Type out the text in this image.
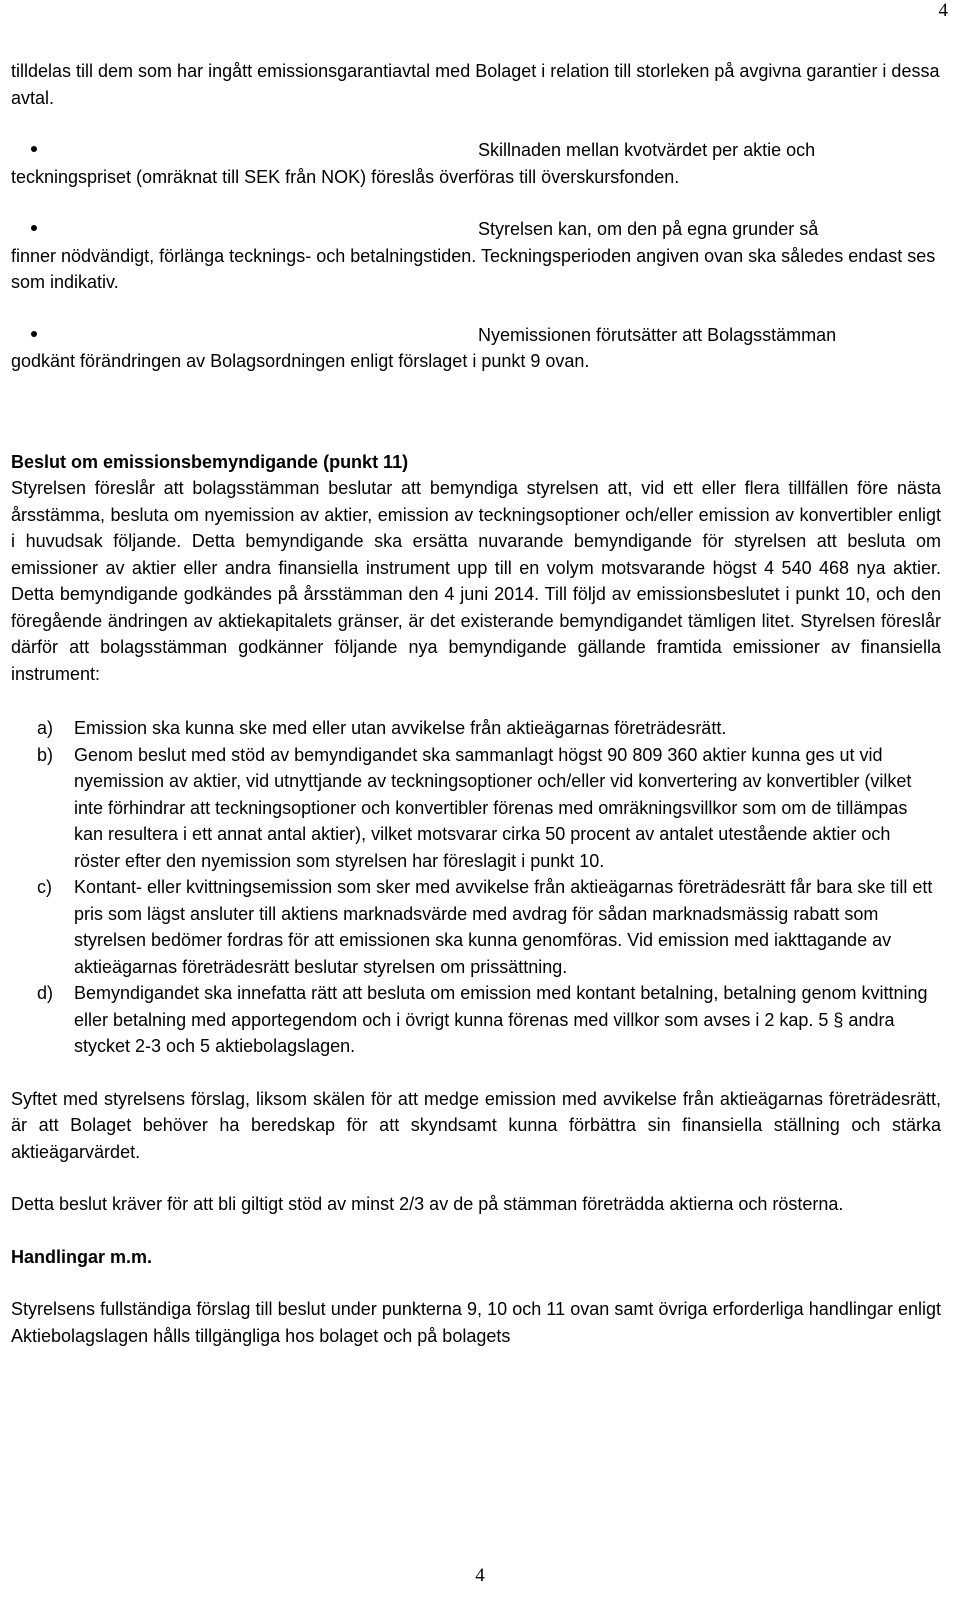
4

tilldelas till dem som har ingått emissionsgarantiavtal med Bolaget i relation till storleken på avgivna garantier i dessa avtal.

Skillnaden mellan kvotvärdet per aktie och

teckningspriset (omräknat till SEK från NOK) föreslås överföras till överskursfonden.

Styrelsen kan, om den på egna grunder så

finner nödvändigt, förlänga tecknings- och betalningstiden. Teckningsperioden angiven ovan ska således endast ses som indikativ.

Nyemissionen förutsätter att Bolagsstämman

godkänt förändringen av Bolagsordningen enligt förslaget i punkt 9 ovan.

Beslut om emissionsbemyndigande (punkt 11)

Styrelsen föreslår att bolagsstämman beslutar att bemyndiga styrelsen att, vid ett eller flera tillfällen före nästa årsstämma, besluta om nyemission av aktier, emission av teckningsoptioner och/eller emission av konvertibler enligt i huvudsak följande. Detta bemyndigande ska ersätta nuvarande bemyndigande för styrelsen att besluta om emissioner av aktier eller andra finansiella instrument upp till en volym motsvarande högst 4 540 468 nya aktier. Detta bemyndigande godkändes på årsstämman den 4 juni 2014. Till följd av emissionsbeslutet i punkt 10, och den föregående ändringen av aktiekapitalets gränser, är det existerande bemyndigandet tämligen litet. Styrelsen föreslår därför att bolagsstämman godkänner följande nya bemyndigande gällande framtida emissioner av finansiella instrument:

a) Emission ska kunna ske med eller utan avvikelse från aktieägarnas företrädesrätt.
b) Genom beslut med stöd av bemyndigandet ska sammanlagt högst 90 809 360 aktier kunna ges ut vid nyemission av aktier, vid utnyttjande av teckningsoptioner och/eller vid konvertering av konvertibler (vilket inte förhindrar att teckningsoptioner och konvertibler förenas med omräkningsvillkor som om de tillämpas kan resultera i ett annat antal aktier), vilket motsvarar cirka 50 procent av antalet utestående aktier och röster efter den nyemission som styrelsen har föreslagit i punkt 10.
c) Kontant- eller kvittningsemission som sker med avvikelse från aktieägarnas företrädesrätt får bara ske till ett pris som lägst ansluter till aktiens marknadsvärde med avdrag för sådan marknadsmässig rabatt som styrelsen bedömer fordras för att emissionen ska kunna genomföras. Vid emission med iakttagande av aktieägarnas företrädesrätt beslutar styrelsen om prissättning.
d) Bemyndigandet ska innefatta rätt att besluta om emission med kontant betalning, betalning genom kvittning eller betalning med apportegendom och i övrigt kunna förenas med villkor som avses i 2 kap. 5 § andra stycket 2-3 och 5 aktiebolagslagen.

Syftet med styrelsens förslag, liksom skälen för att medge emission med avvikelse från aktieägarnas företrädesrätt, är att Bolaget behöver ha beredskap för att skyndsamt kunna förbättra sin finansiella ställning och stärka aktieägarvärdet.

Detta beslut kräver för att bli giltigt stöd av minst 2/3 av de på stämman företrädda aktierna och rösterna.

Handlingar m.m.

Styrelsens fullständiga förslag till beslut under punkterna 9, 10 och 11 ovan samt övriga erforderliga handlingar enligt Aktiebolagslagen hålls tillgängliga hos bolaget och på bolagets

4
